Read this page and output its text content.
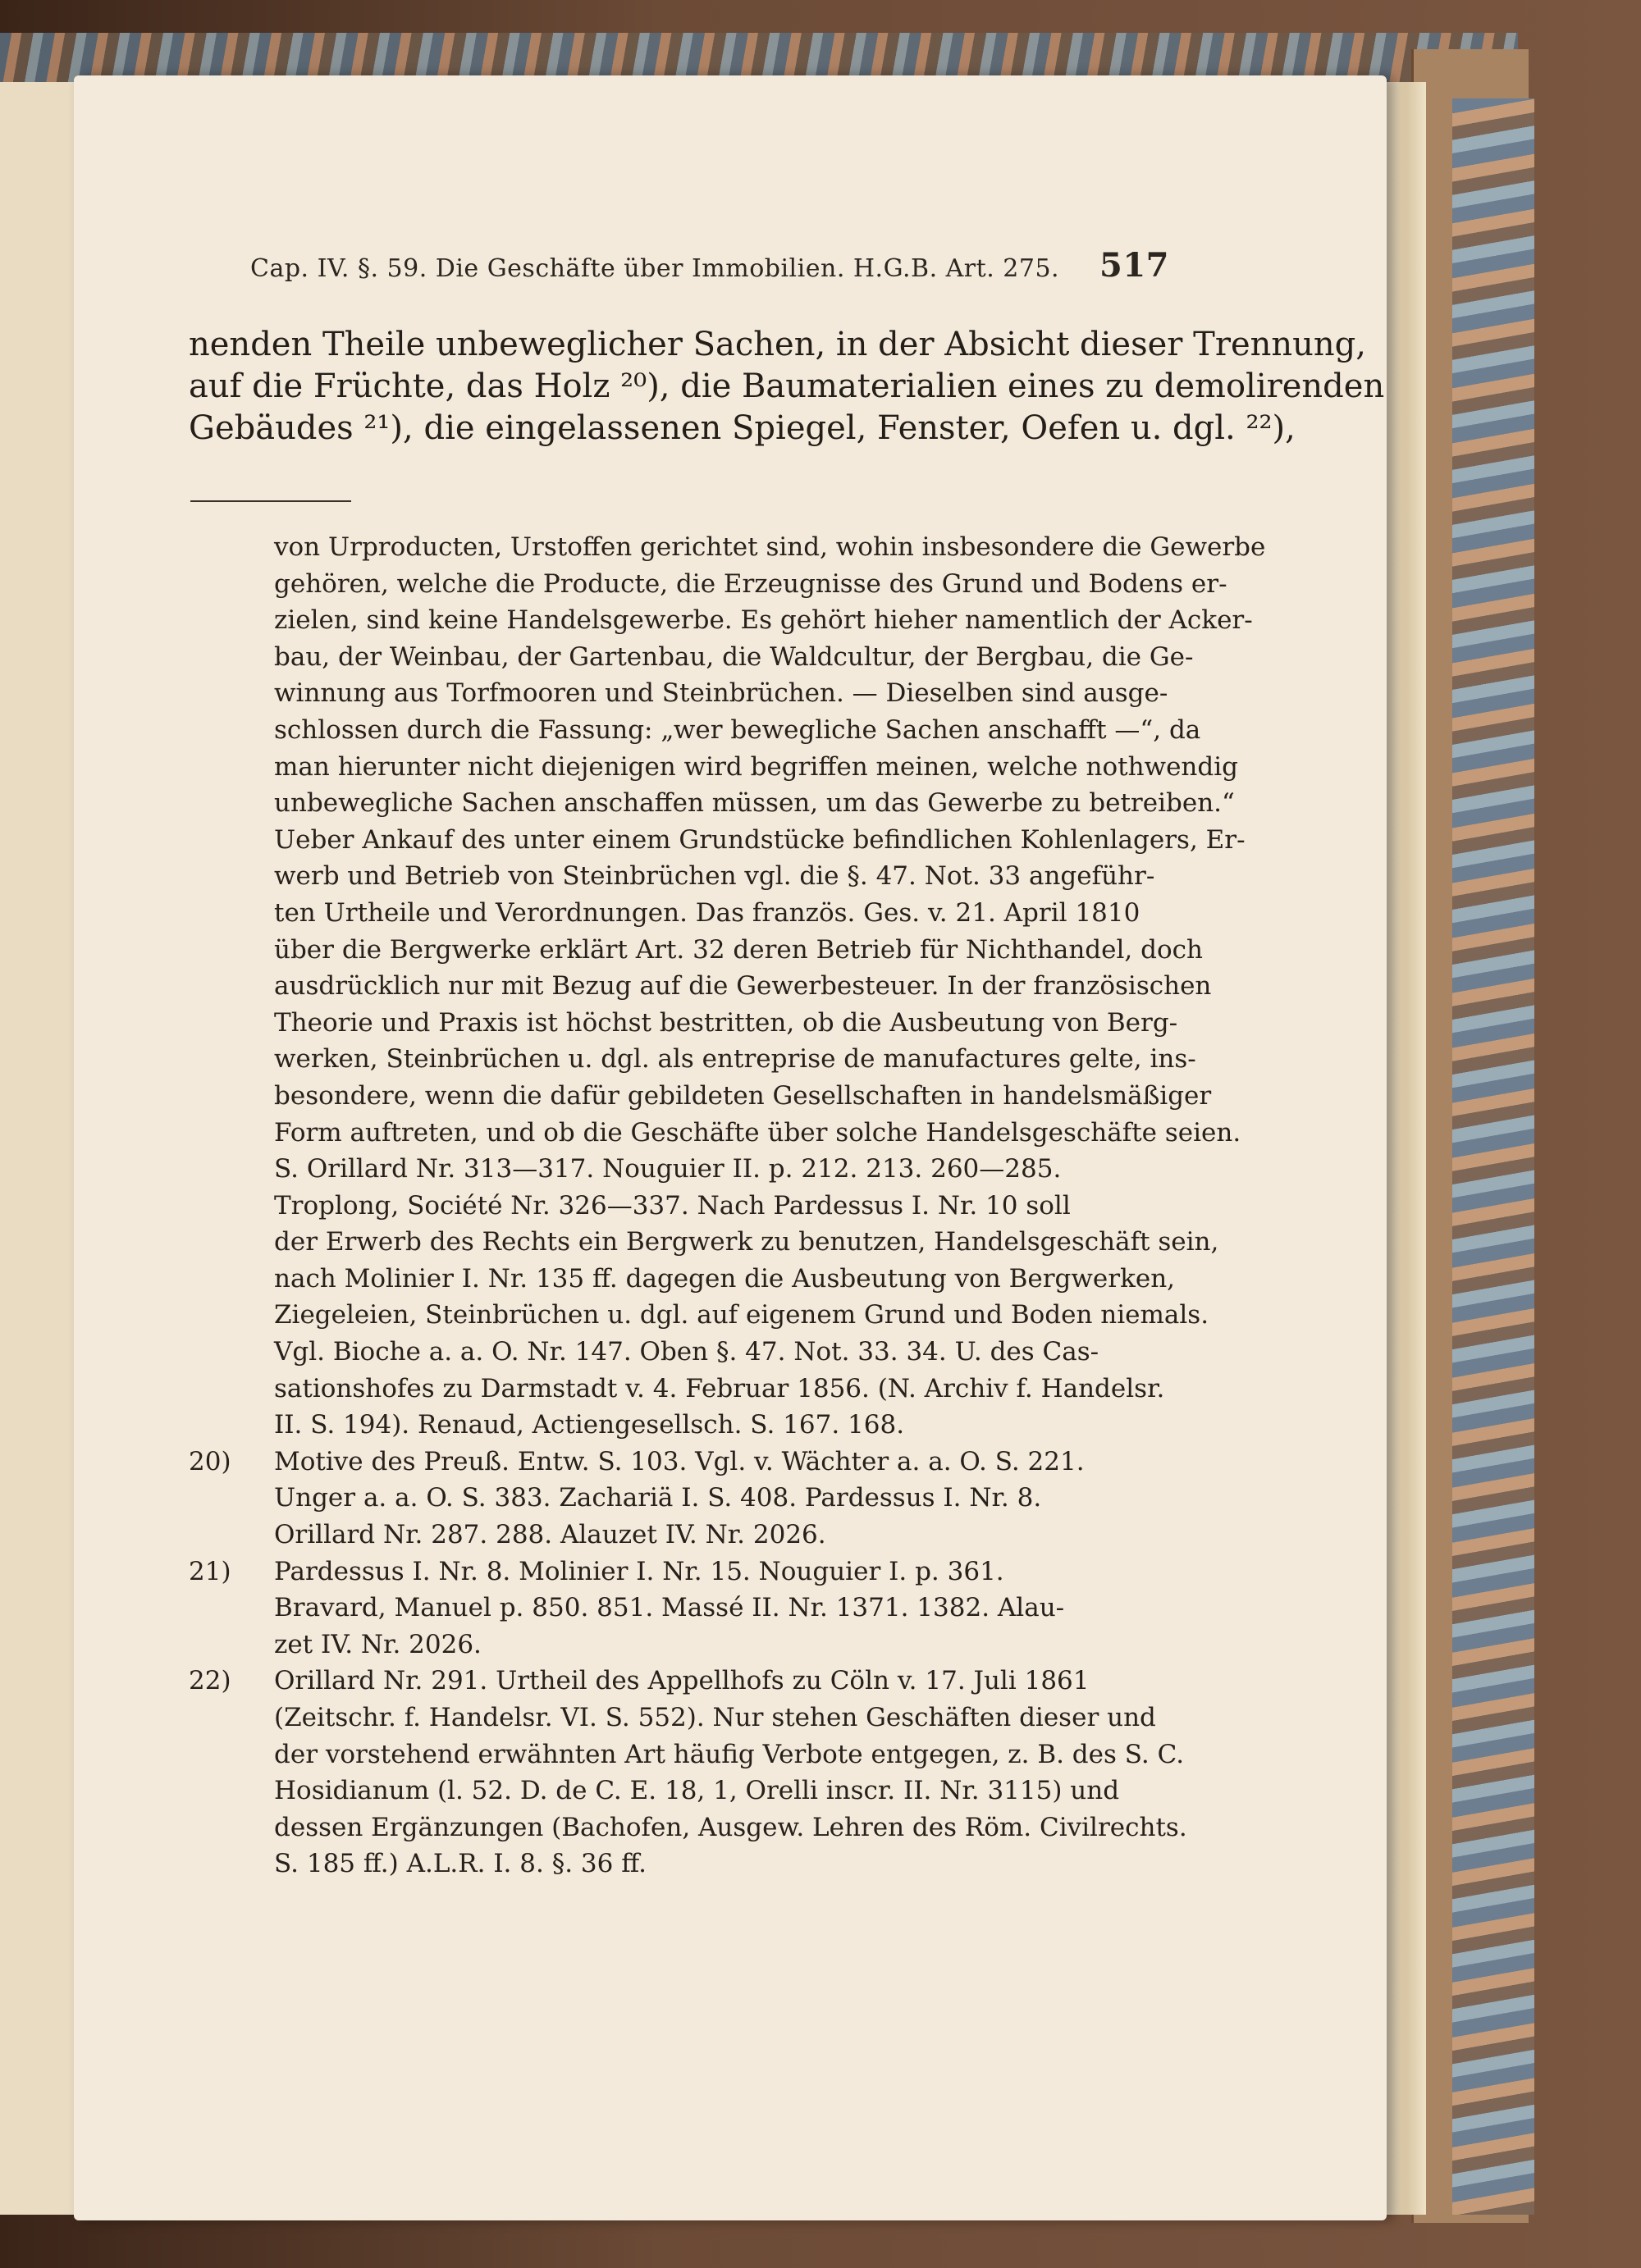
Cap. IV. §. 59. Die Geschäfte über Immobilien. H.G.B. Art. 275. 517
nenden Theile unbeweglicher Sachen, in der Absicht dieser Trennung,
auf die Früchte, das Holz ²⁰), die Baumaterialien eines zu demolirenden
Gebäudes ²¹), die eingelassenen Spiegel, Fenster, Oefen u. dgl. ²²),
von Urproducten, Urstoffen gerichtet sind, wohin insbesondere die Gewerbe
gehören, welche die Producte, die Erzeugnisse des Grund und Bodens er-
zielen, sind keine Handelsgewerbe. Es gehört hieher namentlich der Acker-
bau, der Weinbau, der Gartenbau, die Waldcultur, der Bergbau, die Ge-
winnung aus Torfmooren und Steinbrüchen. — Dieselben sind ausge-
schlossen durch die Fassung: „wer bewegliche Sachen anschafft —“, da
man hierunter nicht diejenigen wird begriffen meinen, welche nothwendig
unbewegliche Sachen anschaffen müssen, um das Gewerbe zu betreiben.“
Ueber Ankauf des unter einem Grundstücke befindlichen Kohlenlagers, Er-
werb und Betrieb von Steinbrüchen vgl. die §. 47. Not. 33 angeführ-
ten Urtheile und Verordnungen. Das französ. Ges. v. 21. April 1810
über die Bergwerke erklärt Art. 32 deren Betrieb für Nichthandel, doch
ausdrücklich nur mit Bezug auf die Gewerbesteuer. In der französischen
Theorie und Praxis ist höchst bestritten, ob die Ausbeutung von Berg-
werken, Steinbrüchen u. dgl. als entreprise de manufactures gelte, ins-
besondere, wenn die dafür gebildeten Gesellschaften in handelsmäßiger
Form auftreten, und ob die Geschäfte über solche Handelsgeschäfte seien.
S. Orillard Nr. 313—317. Nouguier II. p. 212. 213. 260—285.
Troplong, Société Nr. 326—337. Nach Pardessus I. Nr. 10 soll
der Erwerb des Rechts ein Bergwerk zu benutzen, Handelsgeschäft sein,
nach Molinier I. Nr. 135 ff. dagegen die Ausbeutung von Bergwerken,
Ziegeleien, Steinbrüchen u. dgl. auf eigenem Grund und Boden niemals.
Vgl. Bioche a. a. O. Nr. 147. Oben §. 47. Not. 33. 34. U. des Cas-
sationshofes zu Darmstadt v. 4. Februar 1856. (N. Archiv f. Handelsr.
II. S. 194). Renaud, Actiengesellsch. S. 167. 168.
20) Motive des Preuß. Entw. S. 103. Vgl. v. Wächter a. a. O. S. 221.
Unger a. a. O. S. 383. Zachariä I. S. 408. Pardessus I. Nr. 8.
Orillard Nr. 287. 288. Alauzet IV. Nr. 2026.
21) Pardessus I. Nr. 8. Molinier I. Nr. 15. Nouguier I. p. 361.
Bravard, Manuel p. 850. 851. Massé II. Nr. 1371. 1382. Alau-
zet IV. Nr. 2026.
22) Orillard Nr. 291. Urtheil des Appellhofs zu Cöln v. 17. Juli 1861
(Zeitschr. f. Handelsr. VI. S. 552). Nur stehen Geschäften dieser und
der vorstehend erwähnten Art häufig Verbote entgegen, z. B. des S. C.
Hosidianum (l. 52. D. de C. E. 18, 1, Orelli inscr. II. Nr. 3115) und
dessen Ergänzungen (Bachofen, Ausgew. Lehren des Röm. Civilrechts.
S. 185 ff.) A.L.R. I. 8. §. 36 ff.
